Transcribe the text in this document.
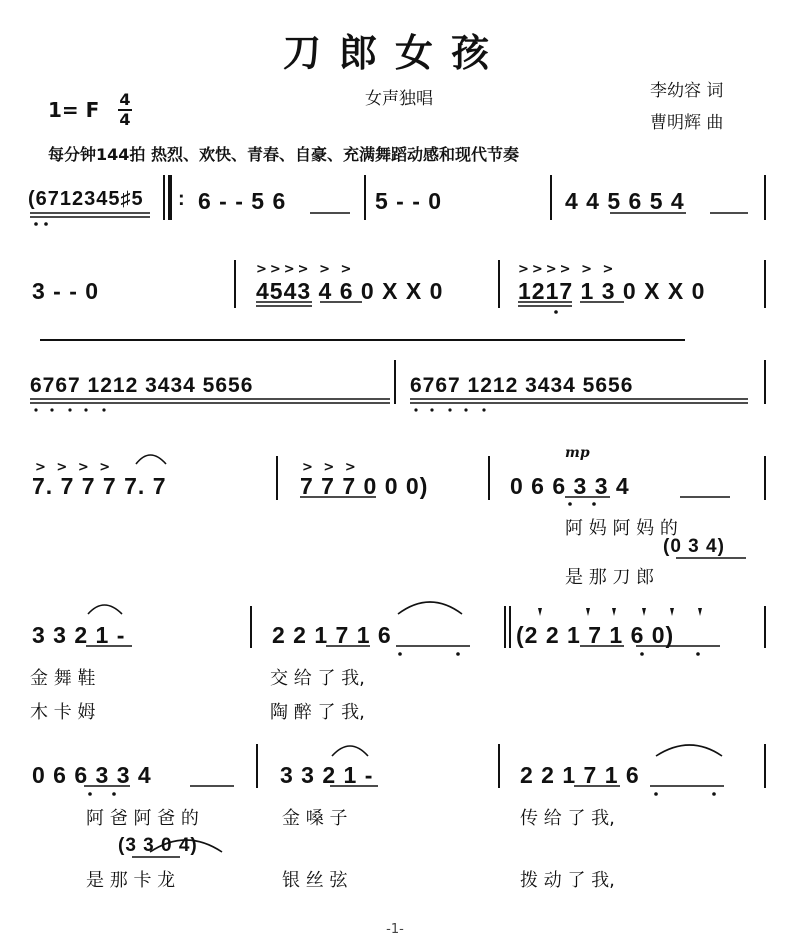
刀郎女孩
女声独唱	李幼容 词
曹明辉 曲
1= F 4
4
每分钟144拍 热烈、欢快、青春、自豪、充满舞蹈动感和现代节奏
(6712345♯5 : 6 - - 5 6	5 - - 0	4 4 5 6 5 4
3 - - 0
>>>> > >
4543 4 6 0 X X 0
>>>> > >
1217 1 3 0 X X 0
6767 1212 3434 5656	6767 1212 3434 5656
> > > >
7. 7 7 7 7. 7
> > >
7 7 7 0 0 0)
mp
0 6 6 3 3 4
阿 妈 阿 妈 的
(0 3 4)
是 那 刀 郎
3 3 2 1 -	2 2 1 7 1 6	(2 2 1 7 1 6 0)
金 舞 鞋	交 给 了 我,
木 卡 姆	陶 醉 了 我,
0 6 6 3 3 4	3 3 2 1 -	2 2 1 7 1 6
阿 爸 阿 爸 的	金 嗓 子	传 给 了 我,
(3 3 0 4)
是 那 卡 龙	银 丝 弦	拨 动 了 我,
-1-
